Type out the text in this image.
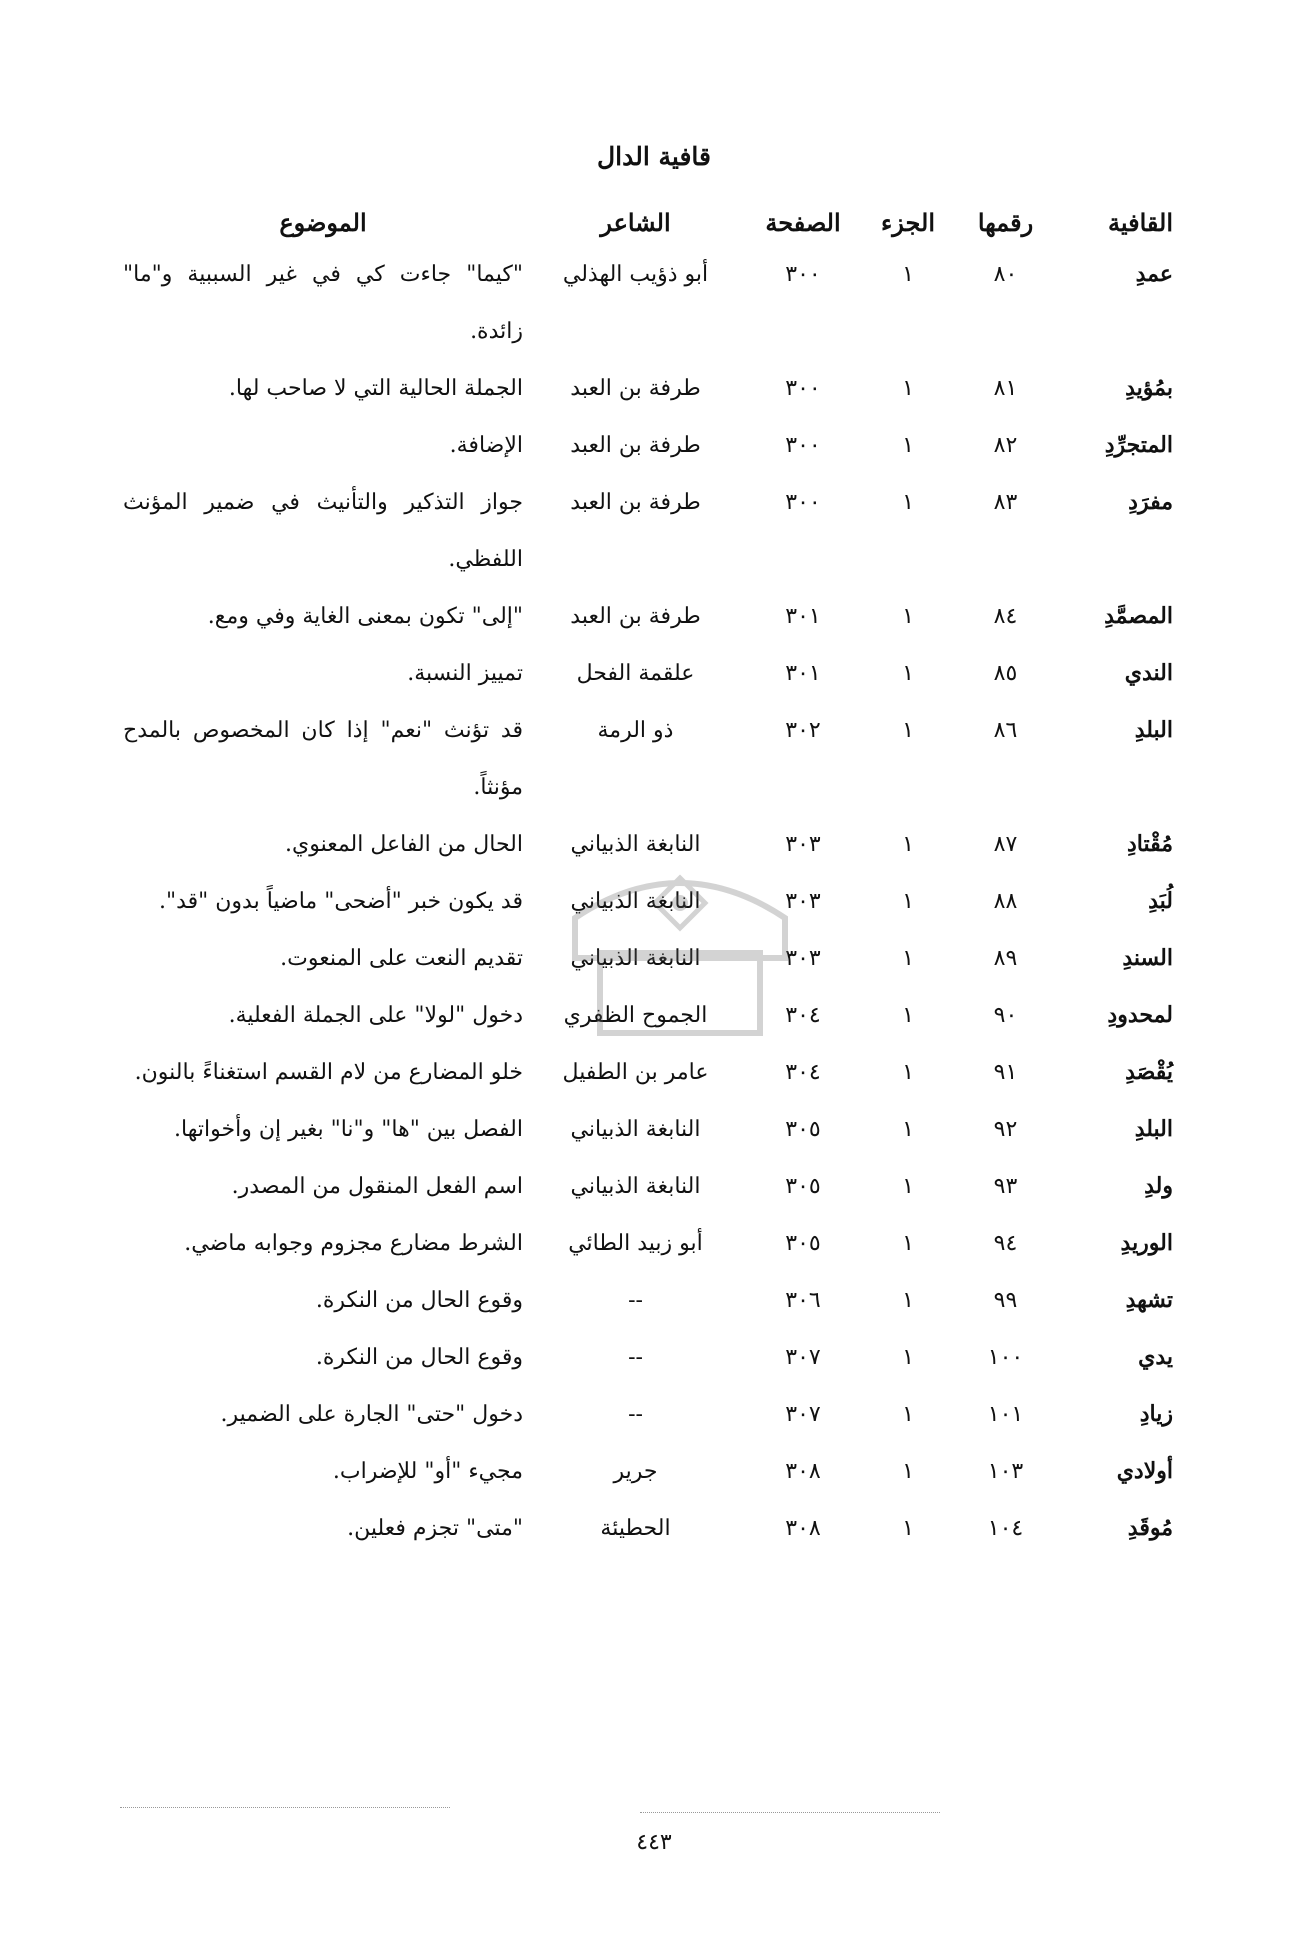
قافية الدال
القافية	رقمها	الجزء	الصفحة	الشاعر	الموضوع
عمدِ	٨٠	١	٣٠٠	أبو ذؤيب الهذلي	"كيما" جاءت كي في غير السببية و"ما" زائدة.
بمُؤيدِ	٨١	١	٣٠٠	طرفة بن العبد	الجملة الحالية التي لا صاحب لها.
المتجرِّدِ	٨٢	١	٣٠٠	طرفة بن العبد	الإضافة.
مفرَدِ	٨٣	١	٣٠٠	طرفة بن العبد	جواز التذكير والتأنيث في ضمير المؤنث اللفظي.
المصمَّدِ	٨٤	١	٣٠١	طرفة بن العبد	"إلى" تكون بمعنى الغاية وفي ومع.
الندي	٨٥	١	٣٠١	علقمة الفحل	تمييز النسبة.
البلدِ	٨٦	١	٣٠٢	ذو الرمة	قد تؤنث "نعم" إذا كان المخصوص بالمدح مؤنثاً.
مُقْتادِ	٨٧	١	٣٠٣	النابغة الذبياني	الحال من الفاعل المعنوي.
لُبَدِ	٨٨	١	٣٠٣	النابغة الذبياني	قد يكون خبر "أضحى" ماضياً بدون "قد".
السندِ	٨٩	١	٣٠٣	النابغة الذبياني	تقديم النعت على المنعوت.
لمحدودِ	٩٠	١	٣٠٤	الجموح الظفري	دخول "لولا" على الجملة الفعلية.
يُقْصَدِ	٩١	١	٣٠٤	عامر بن الطفيل	خلو المضارع من لام القسم استغناءً بالنون.
البلدِ	٩٢	١	٣٠٥	النابغة الذبياني	الفصل بين "ها" و"نا" بغير إن وأخواتها.
ولدِ	٩٣	١	٣٠٥	النابغة الذبياني	اسم الفعل المنقول من المصدر.
الوريدِ	٩٤	١	٣٠٥	أبو زبيد الطائي	الشرط مضارع مجزوم وجوابه ماضي.
تشهدِ	٩٩	١	٣٠٦	--	وقوع الحال من النكرة.
يدي	١٠٠	١	٣٠٧	--	وقوع الحال من النكرة.
زيادِ	١٠١	١	٣٠٧	--	دخول "حتى" الجارة على الضمير.
أولادي	١٠٣	١	٣٠٨	جرير	مجيء "أو" للإضراب.
مُوقَدِ	١٠٤	١	٣٠٨	الحطيئة	"متى" تجزم فعلين.
٤٤٣
